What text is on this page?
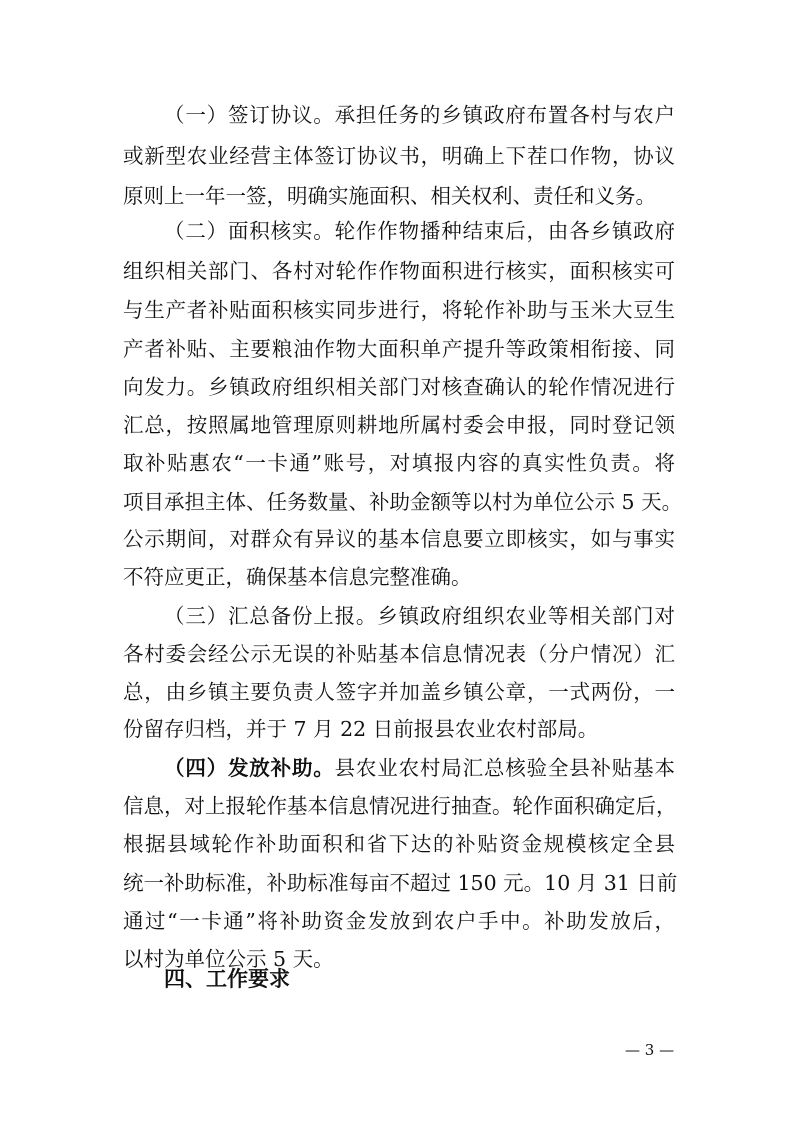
（一）签订协议。承担任务的乡镇政府布置各村与农户
或新型农业经营主体签订协议书，明确上下茬口作物，协议
原则上一年一签，明确实施面积、相关权利、责任和义务。
（二）面积核实。轮作作物播种结束后，由各乡镇政府
组织相关部门、各村对轮作作物面积进行核实，面积核实可
与生产者补贴面积核实同步进行，将轮作补助与玉米大豆生
产者补贴、主要粮油作物大面积单产提升等政策相衔接、同
向发力。乡镇政府组织相关部门对核查确认的轮作情况进行
汇总，按照属地管理原则耕地所属村委会申报，同时登记领
取补贴惠农“一卡通”账号，对填报内容的真实性负责。将
项目承担主体、任务数量、补助金额等以村为单位公示 5 天。
公示期间，对群众有异议的基本信息要立即核实，如与事实
不符应更正，确保基本信息完整准确。
（三）汇总备份上报。乡镇政府组织农业等相关部门对
各村委会经公示无误的补贴基本信息情况表（分户情况）汇
总，由乡镇主要负责人签字并加盖乡镇公章，一式两份，一
份留存归档，并于 7 月 22 日前报县农业农村部局。
（四）发放补助。县农业农村局汇总核验全县补贴基本
信息，对上报轮作基本信息情况进行抽查。轮作面积确定后，
根据县域轮作补助面积和省下达的补贴资金规模核定全县
统一补助标准，补助标准每亩不超过 150 元。10 月 31 日前
通过“一卡通”将补助资金发放到农户手中。补助发放后，
以村为单位公示 5 天。
四、工作要求
— 3 —
